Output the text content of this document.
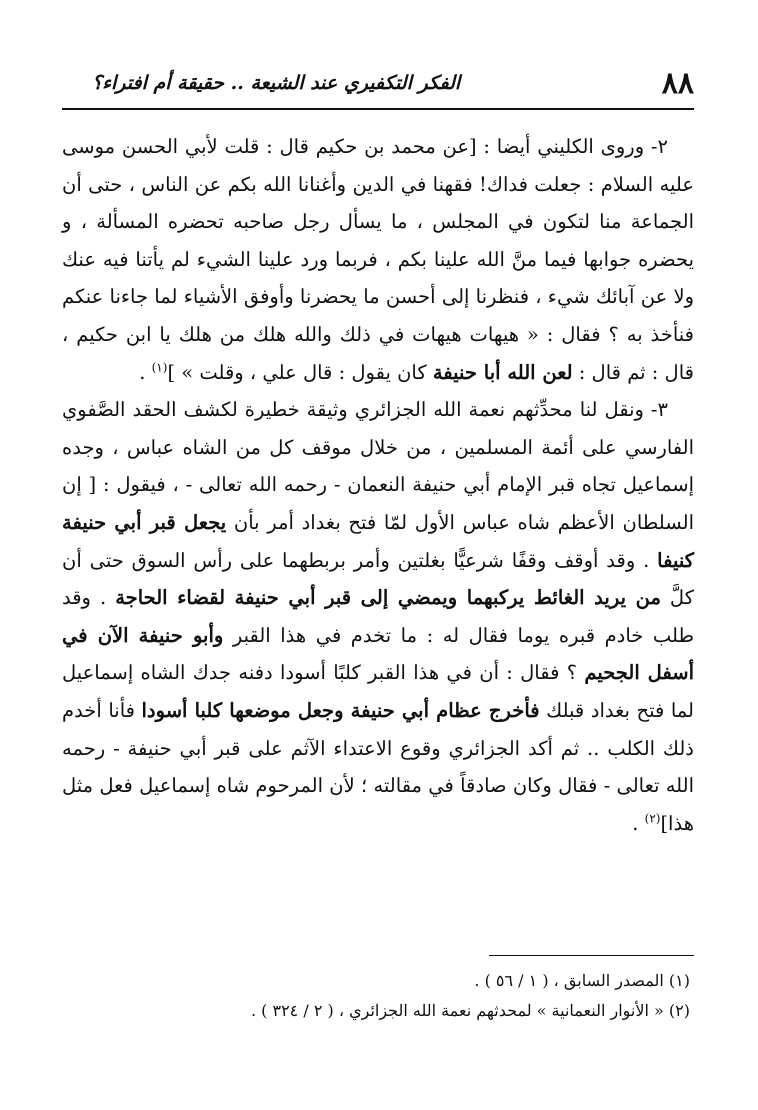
٨٨
الفكر التكفيري عند الشيعة .. حقيقة أم افتراء؟

٢- وروى الكليني أيضا : [عن محمد بن حكيم قال : قلت لأبي الحسن موسى عليه السلام : جعلت فداك! فقهنا في الدين وأغنانا الله بكم عن الناس ، حتى أن الجماعة منا لتكون في المجلس ، ما يسأل رجل صاحبه تحضره المسألة ، و يحضره جوابها فيما منَّ الله علينا بكم ، فربما ورد علينا الشيء لم يأتنا فيه عنك ولا عن آبائك شيء ، فنظرنا إلى أحسن ما يحضرنا وأوفق الأشياء لما جاءنا عنكم فنأخذ به ؟ فقال : « هيهات هيهات في ذلك والله هلك من هلك يا ابن حكيم ، قال : ثم قال : لعن الله أبا حنيفة كان يقول : قال علي ، وقلت » ]$^{(١)}$ .

٣- ونقل لنا محدِّثهم نعمة الله الجزائري وثيقة خطيرة لكشف الحقد الصَّفوي الفارسي على أئمة المسلمين ، من خلال موقف كل من الشاه عباس ، وجده إسماعيل تجاه قبر الإمام أبي حنيفة النعمان - رحمه الله تعالى - ، فيقول : [ إن السلطان الأعظم شاه عباس الأول لمّا فتح بغداد أمر بأن يجعل قبر أبي حنيفة كنيفا . وقد أوقف وقفًا شرعيًّا بغلتين وأمر بربطهما على رأس السوق حتى أن كلَّ من يريد الغائط يركبهما ويمضي إلى قبر أبي حنيفة لقضاء الحاجة . وقد طلب خادم قبره يوما فقال له : ما تخدم في هذا القبر وأبو حنيفة الآن في أسفل الجحيم ؟ فقال : أن في هذا القبر كلبًا أسودا دفنه جدك الشاه إسماعيل لما فتح بغداد قبلك فأخرج عظام أبي حنيفة وجعل موضعها كلبا أسودا فأنا أخدم ذلك الكلب .. ثم أكد الجزائري وقوع الاعتداء الآثم على قبر أبي حنيفة - رحمه الله تعالى - فقال وكان صادقاً في مقالته ؛ لأن المرحوم شاه إسماعيل فعل مثل هذا]$^{(٢)}$ .

(١) المصدر السابق ، ( ١ / ٥٦ ) .

(٢) « الأنوار النعمانية » لمحدثهم نعمة الله الجزائري ، ( ٢ / ٣٢٤ ) .
